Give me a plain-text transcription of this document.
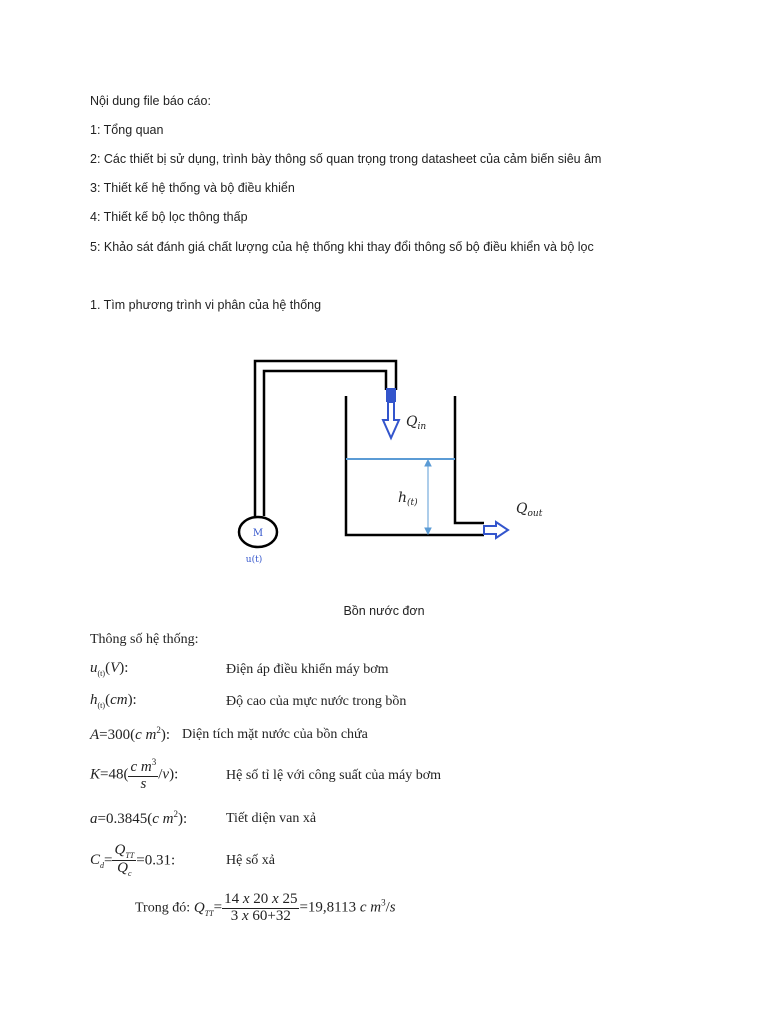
Nội dung file báo cáo:
1: Tổng quan
2: Các thiết bị sử dụng, trình bày thông số quan trọng trong datasheet của cảm biến siêu âm
3: Thiết kế hệ thống và bộ điều khiển
4: Thiết kế bộ lọc thông thấp
5: Khảo sát đánh giá chất lượng của hệ thống khi thay đổi thông số bộ điều khiển và bộ lọc
1. Tìm phương trình vi phân của hệ thống
M
u(t)
$Q_{in}$
$h_{(t)}$	$Q_{out}$
Bồn nước đơn
Thông số hệ thống:
$u_{(t)}(V)$:	Điện áp điều khiển máy bơm
$h_{(t)}(cm)$:	Độ cao của mực nước trong bồn
A=300(c $m^2$): Diện tích mặt nước của bồn chứa
$K=48( \frac{c m^3}{s} /v)$:	Hệ số tỉ lệ với công suất của máy bơm
a=0.3845(c $m^2$):	Tiết diện van xả
$C_d= \frac{Q_{TT}}{Q_c} =0.31$:	Hệ số xả
Trong đó: $Q_{TT}= \frac{14 x 20 x 25}{3 x 60+32} =19,8113$ c $m^3/s$
